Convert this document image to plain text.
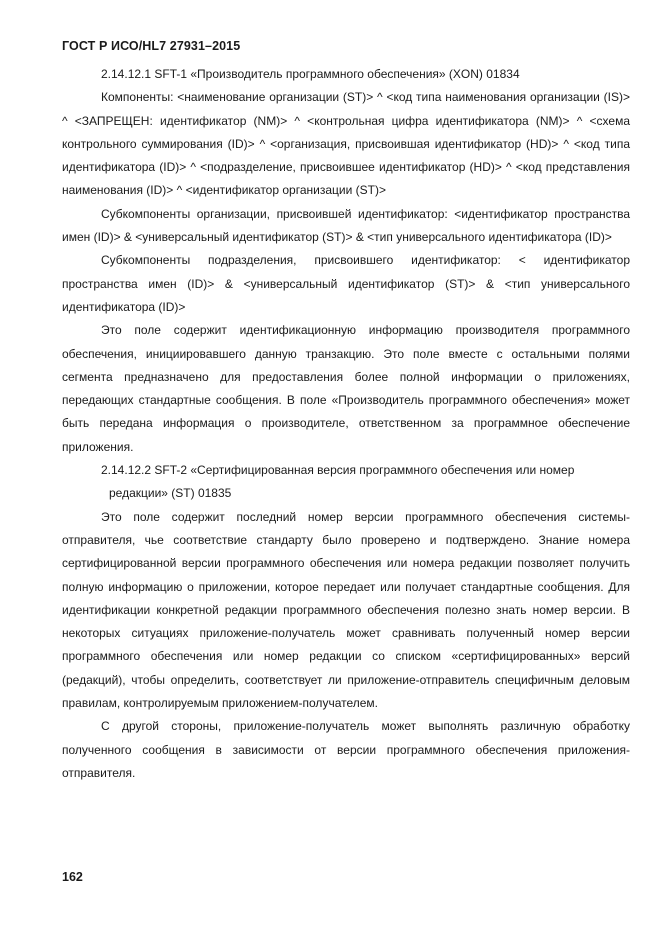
ГОСТ Р ИСО/HL7 27931–2015

2.14.12.1 SFT-1 «Производитель программного обеспечения» (XON) 01834

Компоненты: <наименование организации (ST)> ^ <код типа наименования организации (IS)> ^ <ЗАПРЕЩЕН: идентификатор (NM)> ^ <контрольная цифра идентификатора (NM)> ^ <схема контрольного суммирования (ID)> ^ <организация, присвоившая идентификатор (HD)> ^ <код типа идентификатора (ID)> ^ <подразделение, присвоившее идентификатор (HD)> ^ <код представления наименования (ID)> ^ <идентификатор организации (ST)>

Субкомпоненты организации, присвоившей идентификатор: <идентификатор пространства имен (ID)> & <универсальный идентификатор (ST)> & <тип универсального идентификатора (ID)>

Субкомпоненты подразделения, присвоившего идентификатор: < идентификатор пространства имен (ID)> & <универсальный идентификатор (ST)> & <тип универсального идентификатора (ID)>

Это поле содержит идентификационную информацию производителя программного обеспечения, инициировавшего данную транзакцию. Это поле вместе с остальными полями сегмента предназначено для предоставления более полной информации о приложениях, передающих стандартные сообщения. В поле «Производитель программного обеспечения» может быть передана информация о производителе, ответственном за программное обеспечение приложения.

2.14.12.2 SFT-2 «Сертифицированная версия программного обеспечения или номер

редакции» (ST) 01835

Это поле содержит последний номер версии программного обеспечения системы-отправителя, чье соответствие стандарту было проверено и подтверждено. Знание номера сертифицированной версии программного обеспечения или номера редакции позволяет получить полную информацию о приложении, которое передает или получает стандартные сообщения. Для идентификации конкретной редакции программного обеспечения полезно знать номер версии. В некоторых ситуациях приложение-получатель может сравнивать полученный номер версии программного обеспечения или номер редакции со списком «сертифицированных» версий (редакций), чтобы определить, соответствует ли приложение-отправитель специфичным деловым правилам, контролируемым приложением-получателем.

С другой стороны, приложение-получатель может выполнять различную обработку полученного сообщения в зависимости от версии программного обеспечения приложения-отправителя.

162
